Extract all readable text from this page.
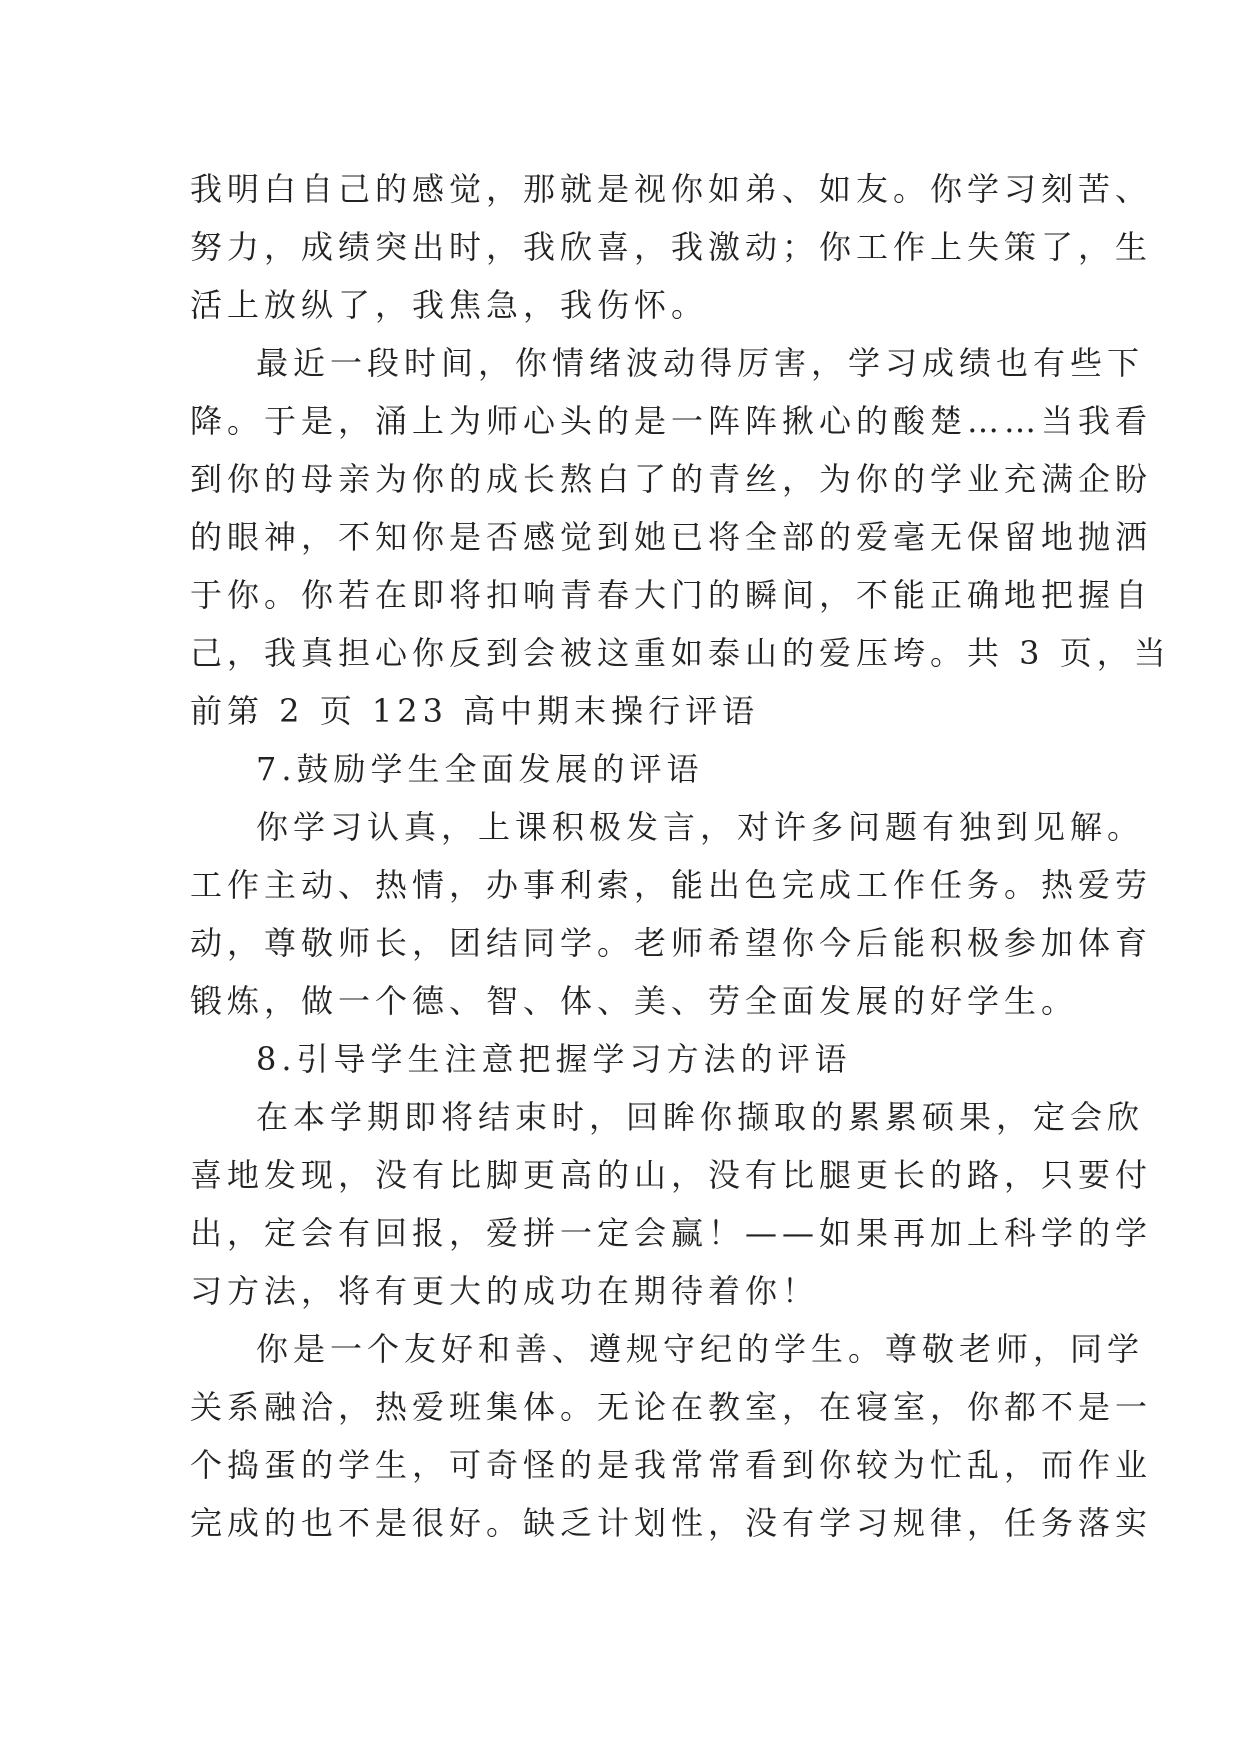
我明白自己的感觉，那就是视你如弟、如友。你学习刻苦、

努力，成绩突出时，我欣喜，我激动；你工作上失策了，生

活上放纵了，我焦急，我伤怀。

最近一段时间，你情绪波动得厉害，学习成绩也有些下

降。于是，涌上为师心头的是一阵阵揪心的酸楚……当我看

到你的母亲为你的成长熬白了的青丝，为你的学业充满企盼

的眼神，不知你是否感觉到她已将全部的爱毫无保留地抛洒

于你。你若在即将扣响青春大门的瞬间，不能正确地把握自

己，我真担心你反到会被这重如泰山的爱压垮。共 3 页，当

前第 2 页 123 高中期末操行评语

7.鼓励学生全面发展的评语

你学习认真，上课积极发言，对许多问题有独到见解。

工作主动、热情，办事利索，能出色完成工作任务。热爱劳

动，尊敬师长，团结同学。老师希望你今后能积极参加体育

锻炼，做一个德、智、体、美、劳全面发展的好学生。

8.引导学生注意把握学习方法的评语

在本学期即将结束时，回眸你撷取的累累硕果，定会欣

喜地发现，没有比脚更高的山，没有比腿更长的路，只要付

出，定会有回报，爱拼一定会赢！——如果再加上科学的学

习方法，将有更大的成功在期待着你！

你是一个友好和善、遵规守纪的学生。尊敬老师，同学

关系融洽，热爱班集体。无论在教室，在寝室，你都不是一

个捣蛋的学生，可奇怪的是我常常看到你较为忙乱，而作业

完成的也不是很好。缺乏计划性，没有学习规律，任务落实
